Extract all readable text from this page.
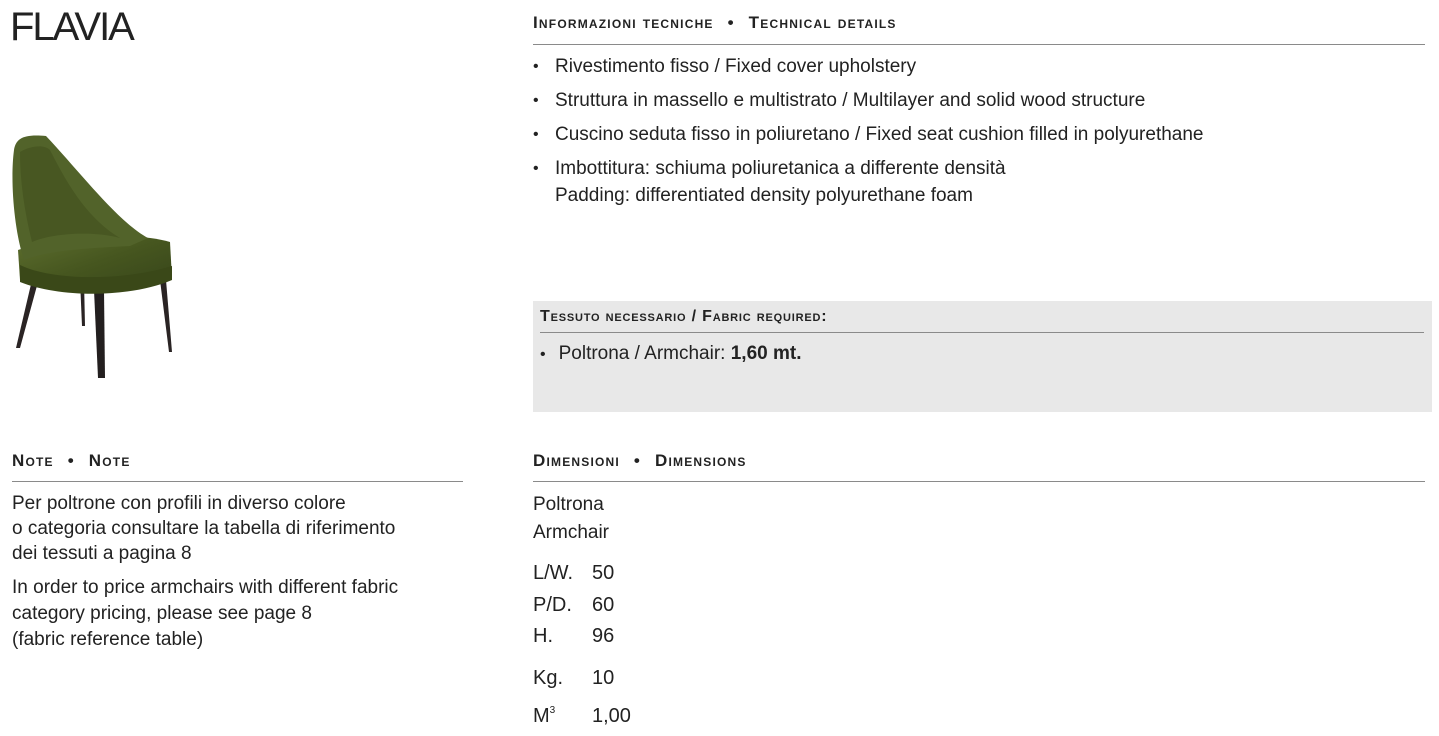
FLAVIA	Informazioni tecniche • Technical details
• Rivestimento fisso / Fixed cover upholstery
• Struttura in massello e multistrato / Multilayer and solid wood structure
• Cuscino seduta fisso in poliuretano / Fixed seat cushion filled in polyurethane
• Imbottitura: schiuma poliuretanica a differente densità
Padding: differentiated density polyurethane foam
Tessuto necessario / Fabric required:
• Poltrona / Armchair: 1,60 mt.
Note • Note
Per poltrone con profili in diverso colore
o categoria consultare la tabella di riferimento
dei tessuti a pagina 8
In order to price armchairs with different fabric
category pricing, please see page 8
(fabric reference table)
Dimensioni • Dimensions
Poltrona
Armchair
L/W. 50
P/D. 60
H. 96
Kg. 10
$M^3$ 1,00
